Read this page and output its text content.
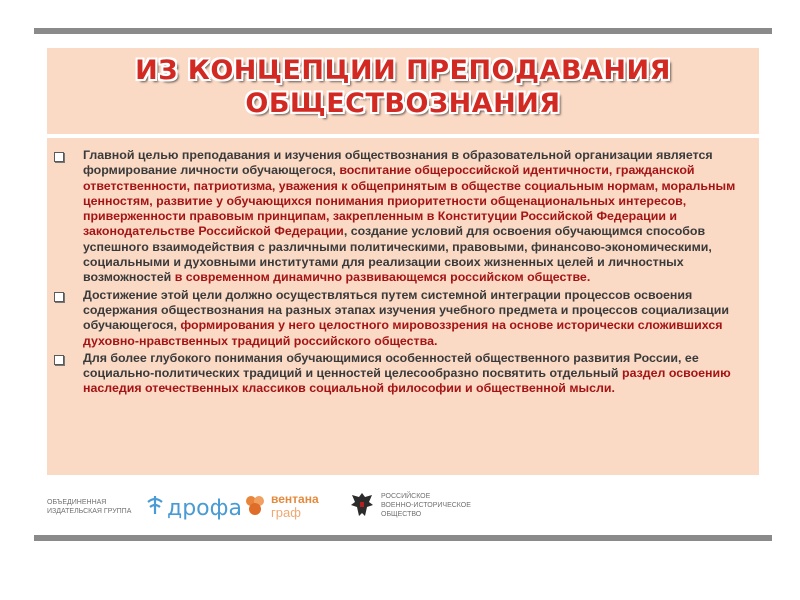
ИЗ КОНЦЕПЦИИ ПРЕПОДАВАНИЯ
ОБЩЕСТВОЗНАНИЯ
Главной целью преподавания и изучения обществознания в образовательной организации является формирование личности обучающегося, воспитание общероссийской идентичности, гражданской ответственности, патриотизма, уважения к общепринятым в обществе социальным нормам, моральным ценностям, развитие у обучающихся понимания приоритетности общенациональных интересов, приверженности правовым принципам, закрепленным в Конституции Российской Федерации и законодательстве Российской Федерации, создание условий для освоения обучающимся способов успешного взаимодействия с различными политическими, правовыми, финансово-экономическими, социальными и духовными институтами для реализации своих жизненных целей и личностных возможностей в современном динамично развивающемся российском обществе.
Достижение этой цели должно осуществляться путем системной интеграции процессов освоения содержания обществознания на разных этапах изучения учебного предмета и процессов социализации обучающегося, формирования у него целостного мировоззрения на основе исторически сложившихся духовно-нравственных традиций российского общества.
Для более глубокого понимания обучающимися особенностей общественного развития России, ее социально-политических традиций и ценностей целесообразно посвятить отдельный раздел освоению наследия отечественных классиков социальной философии и общественной мысли.
ОБЪЕДИНЕННАЯ
ИЗДАТЕЛЬСКАЯ ГРУППА дрофа вентана
граф
РОССИЙСКОЕ
ВОЕННО-ИСТОРИЧЕСКОЕ
ОБЩЕСТВО
